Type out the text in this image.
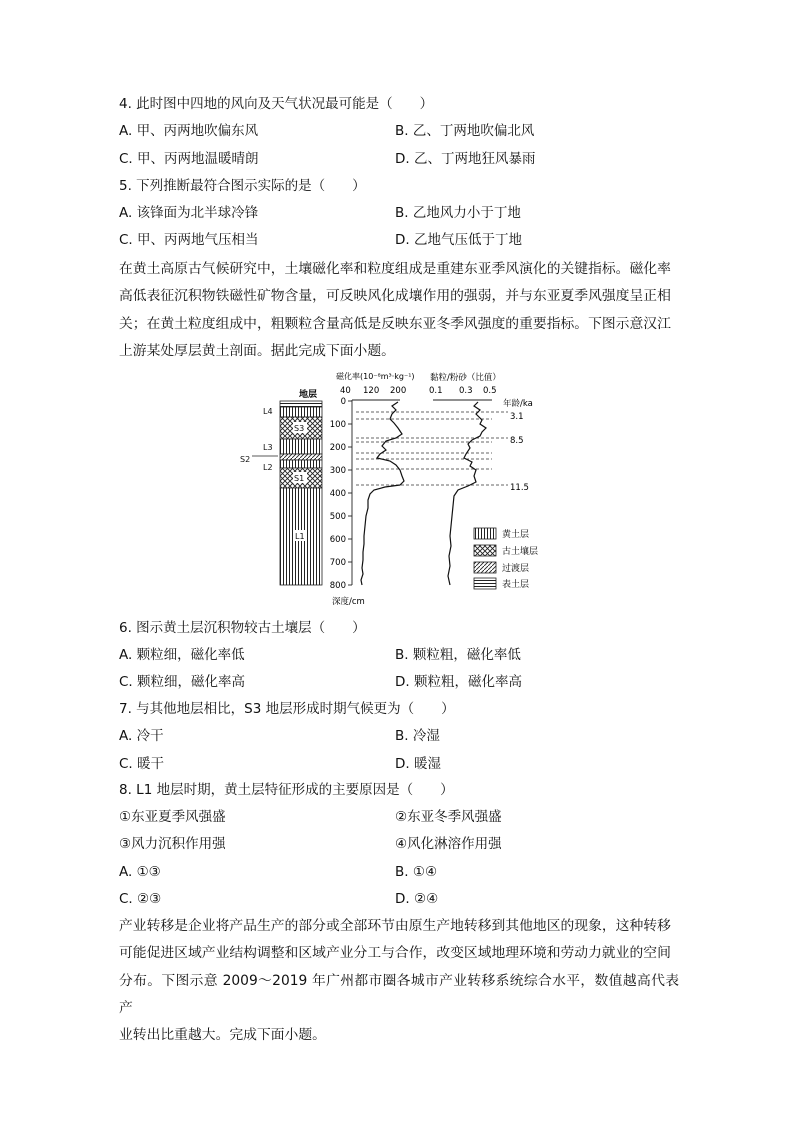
4. 此时图中四地的风向及天气状况最可能是（　　）
A. 甲、丙两地吹偏东风	B. 乙、丁两地吹偏北风
C. 甲、丙两地温暖晴朗	D. 乙、丁两地狂风暴雨
5. 下列推断最符合图示实际的是（　　）
A. 该锋面为北半球冷锋	B. 乙地风力小于丁地
C. 甲、丙两地气压相当	D. 乙地气压低于丁地
在黄土高原古气候研究中，土壤磁化率和粒度组成是重建东亚季风演化的关键指标。磁化率
高低表征沉积物铁磁性矿物含量，可反映风化成壤作用的强弱，并与东亚夏季风强度呈正相
关；在黄土粒度组成中，粗颗粒含量高低是反映东亚冬季风强度的重要指标。下图示意汉江
上游某处厚层黄土剖面。据此完成下面小题。
地层
L4
S3
L3
S2
L2
S1
L1
磁化率(10⁻⁸m³·kg⁻¹) 黏粒/粉砂（比值）
40 120 200	0.1 0.3 0.5
年龄/ka
0
100
200
300
400
500
600
700
800
深度/cm
3.1
8.5
11.5
黄土层
古土壤层
过渡层
表土层
6. 图示黄土层沉积物较古土壤层（　　）
A. 颗粒细，磁化率低	B. 颗粒粗，磁化率低
C. 颗粒细，磁化率高	D. 颗粒粗，磁化率高
7. 与其他地层相比，S3 地层形成时期气候更为（　　）
A. 冷干	B. 冷湿
C. 暖干	D. 暖湿
8. L1 地层时期，黄土层特征形成的主要原因是（　　）
①东亚夏季风强盛	②东亚冬季风强盛
③风力沉积作用强	④风化淋溶作用强
A. ①③	B. ①④
C. ②③	D. ②④
产业转移是企业将产品生产的部分或全部环节由原生产地转移到其他地区的现象，这种转移
可能促进区域产业结构调整和区域产业分工与合作，改变区域地理环境和劳动力就业的空间
分布。下图示意 2009～2019 年广州都市圈各城市产业转移系统综合水平，数值越高代表产
业转出比重越大。完成下面小题。
